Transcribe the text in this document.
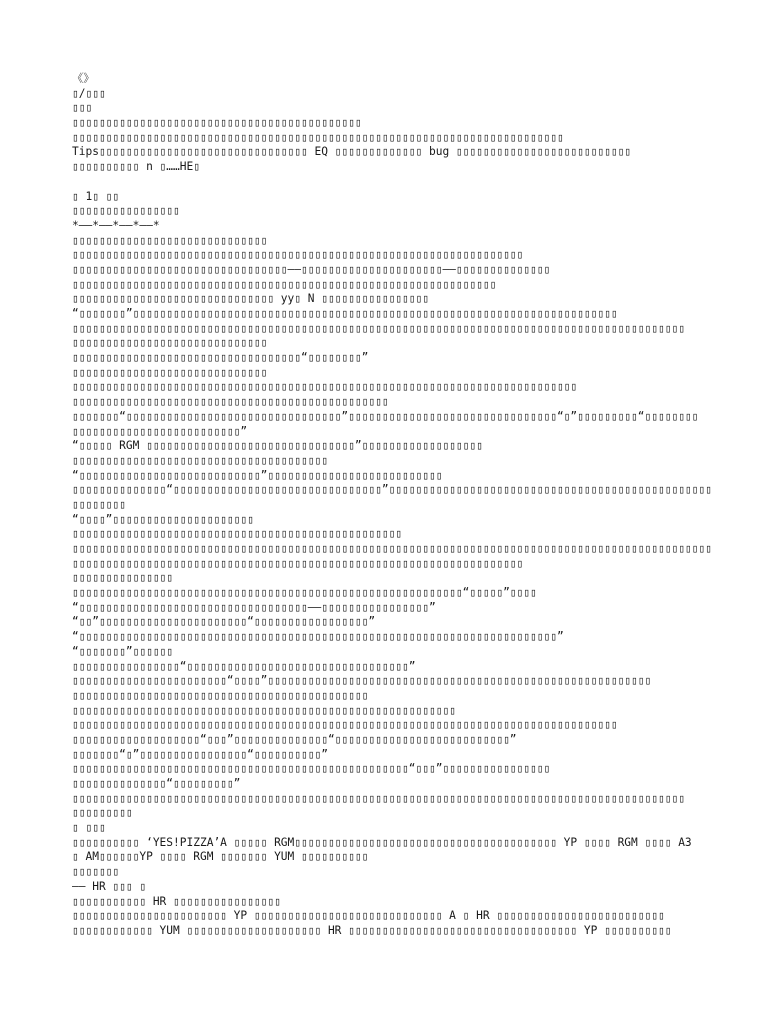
《》
▯/▯▯▯
▯▯▯
▯▯▯▯▯▯▯▯▯▯▯▯▯▯▯▯▯▯▯▯▯▯▯▯▯▯▯▯▯▯▯▯▯▯▯▯▯▯▯▯▯▯▯
▯▯▯▯▯▯▯▯▯▯▯▯▯▯▯▯▯▯▯▯▯▯▯▯▯▯▯▯▯▯▯▯▯▯▯▯▯▯▯▯▯▯▯▯▯▯▯▯▯▯▯▯▯▯▯▯▯▯▯▯▯▯▯▯▯▯▯▯▯▯▯▯▯
Tips▯▯▯▯▯▯▯▯▯▯▯▯▯▯▯▯▯▯▯▯▯▯▯▯▯▯▯▯▯▯▯ EQ ▯▯▯▯▯▯▯▯▯▯▯▯▯ bug ▯▯▯▯▯▯▯▯▯▯▯▯▯▯▯▯▯▯▯▯▯▯▯▯▯▯
▯▯▯▯▯▯▯▯▯▯ n ▯……HE▯
▯ 1▯ ▯▯
▯▯▯▯▯▯▯▯▯▯▯▯▯▯▯▯
*——*——*——*——*
▯▯▯▯▯▯▯▯▯▯▯▯▯▯▯▯▯▯▯▯▯▯▯▯▯▯▯▯▯
▯▯▯▯▯▯▯▯▯▯▯▯▯▯▯▯▯▯▯▯▯▯▯▯▯▯▯▯▯▯▯▯▯▯▯▯▯▯▯▯▯▯▯▯▯▯▯▯▯▯▯▯▯▯▯▯▯▯▯▯▯▯▯▯▯▯▯
▯▯▯▯▯▯▯▯▯▯▯▯▯▯▯▯▯▯▯▯▯▯▯▯▯▯▯▯▯▯▯▯——▯▯▯▯▯▯▯▯▯▯▯▯▯▯▯▯▯▯▯▯▯——▯▯▯▯▯▯▯▯▯▯▯▯▯▯
▯▯▯▯▯▯▯▯▯▯▯▯▯▯▯▯▯▯▯▯▯▯▯▯▯▯▯▯▯▯▯▯▯▯▯▯▯▯▯▯▯▯▯▯▯▯▯▯▯▯▯▯▯▯▯▯▯▯▯▯▯▯▯
▯▯▯▯▯▯▯▯▯▯▯▯▯▯▯▯▯▯▯▯▯▯▯▯▯▯▯▯▯▯ yy▯ N ▯▯▯▯▯▯▯▯▯▯▯▯▯▯▯▯
“▯▯▯▯▯▯▯”▯▯▯▯▯▯▯▯▯▯▯▯▯▯▯▯▯▯▯▯▯▯▯▯▯▯▯▯▯▯▯▯▯▯▯▯▯▯▯▯▯▯▯▯▯▯▯▯▯▯▯▯▯▯▯▯▯▯▯▯▯▯▯▯▯▯▯▯▯▯▯▯
▯▯▯▯▯▯▯▯▯▯▯▯▯▯▯▯▯▯▯▯▯▯▯▯▯▯▯▯▯▯▯▯▯▯▯▯▯▯▯▯▯▯▯▯▯▯▯▯▯▯▯▯▯▯▯▯▯▯▯▯▯▯▯▯▯▯▯▯▯▯▯▯▯▯▯▯▯▯▯▯▯▯▯▯▯▯▯▯▯▯▯
▯▯▯▯▯▯▯▯▯▯▯▯▯▯▯▯▯▯▯▯▯▯▯▯▯▯▯▯▯
▯▯▯▯▯▯▯▯▯▯▯▯▯▯▯▯▯▯▯▯▯▯▯▯▯▯▯▯▯▯▯▯▯▯“▯▯▯▯▯▯▯▯”
▯▯▯▯▯▯▯▯▯▯▯▯▯▯▯▯▯▯▯▯▯▯▯▯▯▯▯▯▯
▯▯▯▯▯▯▯▯▯▯▯▯▯▯▯▯▯▯▯▯▯▯▯▯▯▯▯▯▯▯▯▯▯▯▯▯▯▯▯▯▯▯▯▯▯▯▯▯▯▯▯▯▯▯▯▯▯▯▯▯▯▯▯▯▯▯▯▯▯▯▯▯▯▯▯
▯▯▯▯▯▯▯▯▯▯▯▯▯▯▯▯▯▯▯▯▯▯▯▯▯▯▯▯▯▯▯▯▯▯▯▯▯▯▯▯▯▯▯▯▯▯▯
▯▯▯▯▯▯▯“▯▯▯▯▯▯▯▯▯▯▯▯▯▯▯▯▯▯▯▯▯▯▯▯▯▯▯▯▯▯▯▯”▯▯▯▯▯▯▯▯▯▯▯▯▯▯▯▯▯▯▯▯▯▯▯▯▯▯▯▯▯▯▯“▯”▯▯▯▯▯▯▯▯▯“▯▯▯▯▯▯▯▯
▯▯▯▯▯▯▯▯▯▯▯▯▯▯▯▯▯▯▯▯▯▯▯▯▯”
“▯▯▯▯▯ RGM ▯▯▯▯▯▯▯▯▯▯▯▯▯▯▯▯▯▯▯▯▯▯▯▯▯▯▯▯▯▯▯”▯▯▯▯▯▯▯▯▯▯▯▯▯▯▯▯▯▯
▯▯▯▯▯▯▯▯▯▯▯▯▯▯▯▯▯▯▯▯▯▯▯▯▯▯▯▯▯▯▯▯▯▯▯▯▯▯
“▯▯▯▯▯▯▯▯▯▯▯▯▯▯▯▯▯▯▯▯▯▯▯▯▯▯▯”▯▯▯▯▯▯▯▯▯▯▯▯▯▯▯▯▯▯▯▯▯▯▯▯▯▯
▯▯▯▯▯▯▯▯▯▯▯▯▯▯“▯▯▯▯▯▯▯▯▯▯▯▯▯▯▯▯▯▯▯▯▯▯▯▯▯▯▯▯▯▯▯”▯▯▯▯▯▯▯▯▯▯▯▯▯▯▯▯▯▯▯▯▯▯▯▯▯▯▯▯▯▯▯▯▯▯▯▯▯▯▯▯▯▯▯▯▯▯▯▯
▯▯▯▯▯▯▯▯
“▯▯▯▯”▯▯▯▯▯▯▯▯▯▯▯▯▯▯▯▯▯▯▯▯▯
▯▯▯▯▯▯▯▯▯▯▯▯▯▯▯▯▯▯▯▯▯▯▯▯▯▯▯▯▯▯▯▯▯▯▯▯▯▯▯▯▯▯▯▯▯▯▯▯▯
▯▯▯▯▯▯▯▯▯▯▯▯▯▯▯▯▯▯▯▯▯▯▯▯▯▯▯▯▯▯▯▯▯▯▯▯▯▯▯▯▯▯▯▯▯▯▯▯▯▯▯▯▯▯▯▯▯▯▯▯▯▯▯▯▯▯▯▯▯▯▯▯▯▯▯▯▯▯▯▯▯▯▯▯▯▯▯▯▯▯▯▯▯▯▯
▯▯▯▯▯▯▯▯▯▯▯▯▯▯▯▯▯▯▯▯▯▯▯▯▯▯▯▯▯▯▯▯▯▯▯▯▯▯▯▯▯▯▯▯▯▯▯▯▯▯▯▯▯▯▯▯▯▯▯▯▯▯▯▯▯▯▯
▯▯▯▯▯▯▯▯▯▯▯▯▯▯▯
▯▯▯▯▯▯▯▯▯▯▯▯▯▯▯▯▯▯▯▯▯▯▯▯▯▯▯▯▯▯▯▯▯▯▯▯▯▯▯▯▯▯▯▯▯▯▯▯▯▯▯▯▯▯▯▯▯▯“▯▯▯▯▯”▯▯▯▯
“▯▯▯▯▯▯▯▯▯▯▯▯▯▯▯▯▯▯▯▯▯▯▯▯▯▯▯▯▯▯▯▯▯▯——▯▯▯▯▯▯▯▯▯▯▯▯▯▯▯▯”
“▯▯”▯▯▯▯▯▯▯▯▯▯▯▯▯▯▯▯▯▯▯▯▯▯“▯▯▯▯▯▯▯▯▯▯▯▯▯▯▯▯▯”
“▯▯▯▯▯▯▯▯▯▯▯▯▯▯▯▯▯▯▯▯▯▯▯▯▯▯▯▯▯▯▯▯▯▯▯▯▯▯▯▯▯▯▯▯▯▯▯▯▯▯▯▯▯▯▯▯▯▯▯▯▯▯▯▯▯▯▯▯▯▯▯”
“▯▯▯▯▯▯▯”▯▯▯▯▯▯
▯▯▯▯▯▯▯▯▯▯▯▯▯▯▯▯“▯▯▯▯▯▯▯▯▯▯▯▯▯▯▯▯▯▯▯▯▯▯▯▯▯▯▯▯▯▯▯▯▯”
▯▯▯▯▯▯▯▯▯▯▯▯▯▯▯▯▯▯▯▯▯▯▯“▯▯▯▯”▯▯▯▯▯▯▯▯▯▯▯▯▯▯▯▯▯▯▯▯▯▯▯▯▯▯▯▯▯▯▯▯▯▯▯▯▯▯▯▯▯▯▯▯▯▯▯▯▯▯▯▯▯▯▯▯▯
▯▯▯▯▯▯▯▯▯▯▯▯▯▯▯▯▯▯▯▯▯▯▯▯▯▯▯▯▯▯▯▯▯▯▯▯▯▯▯▯▯▯▯▯
▯▯▯▯▯▯▯▯▯▯▯▯▯▯▯▯▯▯▯▯▯▯▯▯▯▯▯▯▯▯▯▯▯▯▯▯▯▯▯▯▯▯▯▯▯▯▯▯▯▯▯▯▯▯▯▯▯
▯▯▯▯▯▯▯▯▯▯▯▯▯▯▯▯▯▯▯▯▯▯▯▯▯▯▯▯▯▯▯▯▯▯▯▯▯▯▯▯▯▯▯▯▯▯▯▯▯▯▯▯▯▯▯▯▯▯▯▯▯▯▯▯▯▯▯▯▯▯▯▯▯▯▯▯▯▯▯▯▯
▯▯▯▯▯▯▯▯▯▯▯▯▯▯▯▯▯▯▯“▯▯▯”▯▯▯▯▯▯▯▯▯▯▯▯▯▯“▯▯▯▯▯▯▯▯▯▯▯▯▯▯▯▯▯▯▯▯▯▯▯▯▯▯”
▯▯▯▯▯▯▯“▯”▯▯▯▯▯▯▯▯▯▯▯▯▯▯▯▯“▯▯▯▯▯▯▯▯▯▯”
▯▯▯▯▯▯▯▯▯▯▯▯▯▯▯▯▯▯▯▯▯▯▯▯▯▯▯▯▯▯▯▯▯▯▯▯▯▯▯▯▯▯▯▯▯▯▯▯▯▯“▯▯▯”▯▯▯▯▯▯▯▯▯▯▯▯▯▯▯▯
▯▯▯▯▯▯▯▯▯▯▯▯▯▯“▯▯▯▯▯▯▯▯▯”
▯▯▯▯▯▯▯▯▯▯▯▯▯▯▯▯▯▯▯▯▯▯▯▯▯▯▯▯▯▯▯▯▯▯▯▯▯▯▯▯▯▯▯▯▯▯▯▯▯▯▯▯▯▯▯▯▯▯▯▯▯▯▯▯▯▯▯▯▯▯▯▯▯▯▯▯▯▯▯▯▯▯▯▯▯▯▯▯▯▯▯
▯▯▯▯▯▯▯▯▯
▯ ▯▯▯
▯▯▯▯▯▯▯▯▯▯ ‘YES!PIZZA’A ▯▯▯▯▯ RGM▯▯▯▯▯▯▯▯▯▯▯▯▯▯▯▯▯▯▯▯▯▯▯▯▯▯▯▯▯▯▯▯▯▯▯▯▯▯▯ YP ▯▯▯▯ RGM ▯▯▯▯ A3
▯ AM▯▯▯▯▯▯YP ▯▯▯▯ RGM ▯▯▯▯▯▯▯ YUM ▯▯▯▯▯▯▯▯▯▯
▯▯▯▯▯▯▯
—— HR ▯▯▯ ▯
▯▯▯▯▯▯▯▯▯▯▯ HR ▯▯▯▯▯▯▯▯▯▯▯▯▯▯▯▯
▯▯▯▯▯▯▯▯▯▯▯▯▯▯▯▯▯▯▯▯▯▯▯ YP ▯▯▯▯▯▯▯▯▯▯▯▯▯▯▯▯▯▯▯▯▯▯▯▯▯▯▯▯ A ▯ HR ▯▯▯▯▯▯▯▯▯▯▯▯▯▯▯▯▯▯▯▯▯▯▯▯▯
▯▯▯▯▯▯▯▯▯▯▯▯ YUM ▯▯▯▯▯▯▯▯▯▯▯▯▯▯▯▯▯▯▯▯ HR ▯▯▯▯▯▯▯▯▯▯▯▯▯▯▯▯▯▯▯▯▯▯▯▯▯▯▯▯▯▯▯▯▯▯ YP ▯▯▯▯▯▯▯▯▯▯
